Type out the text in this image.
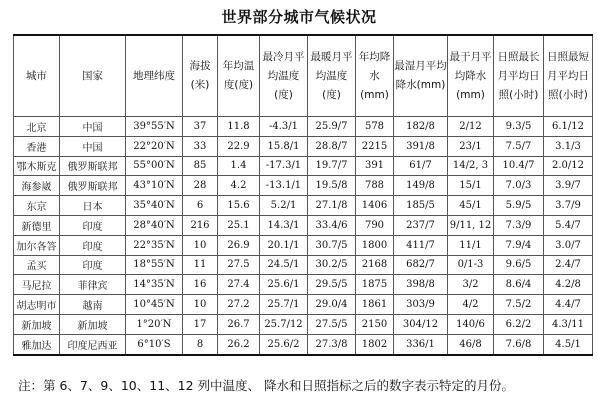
世界部分城市气候状况
城市	国家	地理纬度	海拔(米)	年均温度(度)	最冷月平均温度(度)	最暖月平均温度(度)	年均降水(mm)	最湿月平均降水(mm)	最干月平均降水(mm)	日照最长月平均日照(小时)	日照最短月平均日照(小时)
北京	中国	39°55′N	37	11.8	-4.3/1	25.9/7	578	182/8	2/12	9.3/5	6.1/12
香港	中国	22°20′N	33	22.9	15.8/1	28.8/7	2215	391/8	23/1	7.5/7	3.1/3
鄂木斯克	俄罗斯联邦	55°00′N	85	1.4	-17.3/1	19.7/7	391	61/7	14/2, 3	10.4/7	2.0/12
海参崴	俄罗斯联邦	43°10′N	28	4.2	-13.1/1	19.5/8	788	149/8	15/1	7.0/3	3.9/7
东京	日本	35°40′N	6	15.6	5.2/1	27.1/8	1406	185/5	45/1	5.9/5	3.7/9
新德里	印度	28°40′N	216	25.1	14.3/1	33.4/6	790	237/7	9/11, 12	7.3/9	5.4/7
加尔各答	印度	22°35′N	10	26.9	20.1/1	30.7/5	1800	411/7	11/1	7.9/4	3.0/7
孟买	印度	18°55′N	11	27.5	24.5/1	30.2/5	2168	682/7	0/1-3	9.6/5	2.4/7
马尼拉	菲律宾	14°35′N	16	27.4	25.6/1	29.5/5	1875	398/8	3/2	8.6/4	4.2/8
胡志明市	越南	10°45′N	10	27.2	25.7/1	29.0/4	1861	303/9	4/2	7.5/2	4.4/7
新加坡	新加坡	1°20′N	17	26.7	25.7/12	27.5/5	2150	304/12	140/6	6.2/2	4.3/11
雅加达	印度尼西亚	6°10′S	8	26.2	25.6/2	27.3/8	1802	336/1	46/8	7.6/8	4.5/1
注：第 6、7、9、10、11、12 列中温度、 降水和日照指标之后的数字表示特定的月份。
